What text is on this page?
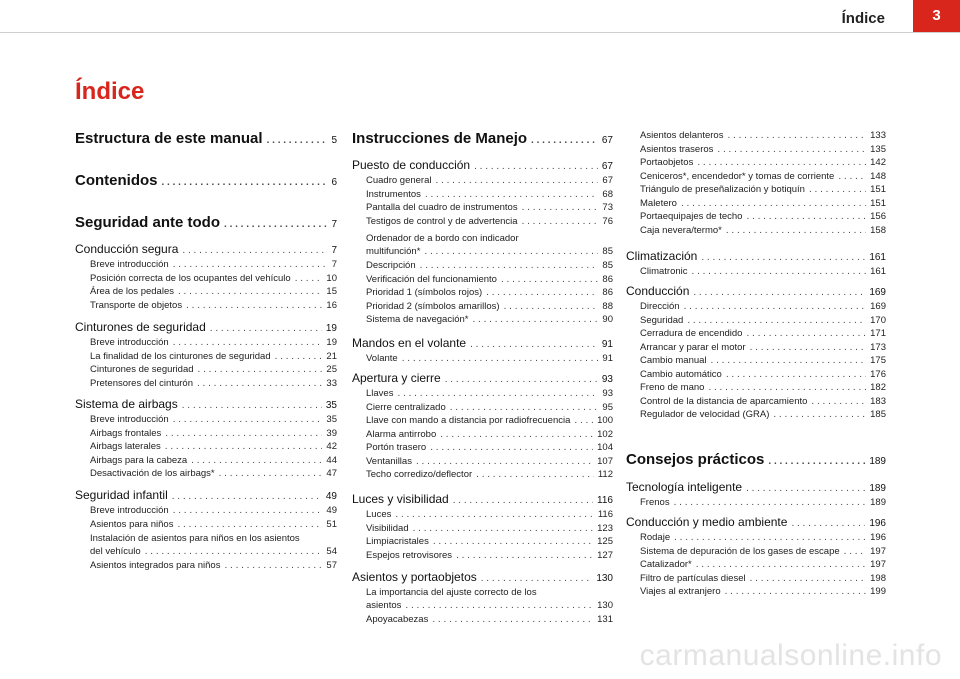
Índice	3
Índice
Estructura de este manual . . .	5
Contenidos . . .	6
Seguridad ante todo . . .	7
Conducción segura . . .	7
Breve introducción . . .	7
Posición correcta de los ocupantes del vehículo . . .	10
Área de los pedales . . .	15
Transporte de objetos . . .	16
Cinturones de seguridad . . .	19
Breve introducción . . .	19
La finalidad de los cinturones de seguridad . . .	21
Cinturones de seguridad . . .	25
Pretensores del cinturón . . .	33
Sistema de airbags . . .	35
Breve introducción . . .	35
Airbags frontales . . .	39
Airbags laterales . . .	42
Airbags para la cabeza . . .	44
Desactivación de los airbags* . . .	47
Seguridad infantil . . .	49
Breve introducción . . .	49
Asientos para niños . . .	51
Instalación de asientos para niños en los asientos
del vehículo . . .	54
Asientos integrados para niños . . .	57
Instrucciones de Manejo . . .	67
Puesto de conducción . . .	67
Cuadro general . . .	67
Instrumentos . . .	68
Pantalla del cuadro de instrumentos . . .	73
Testigos de control y de advertencia . . .	76
Ordenador de a bordo con indicador
multifunción* . . .	85
Descripción . . .	85
Verificación del funcionamiento . . .	86
Prioridad 1 (símbolos rojos) . . .	86
Prioridad 2 (símbolos amarillos) . . .	88
Sistema de navegación* . . .	90
Mandos en el volante . . .	91
Volante . . .	91
Apertura y cierre . . .	93
Llaves . . .	93
Cierre centralizado . . .	95
Llave con mando a distancia por radiofrecuencia . . .	100
Alarma antirrobo . . .	102
Portón trasero . . .	104
Ventanillas . . .	107
Techo corredizo/deflector . . .	112
Luces y visibilidad . . .	116
Luces . . .	116
Visibilidad . . .	123
Limpiacristales . . .	125
Espejos retrovisores . . .	127
Asientos y portaobjetos . . .	130
La importancia del ajuste correcto de los
asientos . . .	130
Apoyacabezas . . .	131
Asientos delanteros . . .	133
Asientos traseros . . .	135
Portaobjetos . . .	142
Ceniceros*, encendedor* y tomas de corriente . . .	148
Triángulo de preseñalización y botiquín . . .	151
Maletero . . .	151
Portaequipajes de techo . . .	156
Caja nevera/termo* . . .	158
Climatización . . .	161
Climatronic . . .	161
Conducción . . .	169
Dirección . . .	169
Seguridad . . .	170
Cerradura de encendido . . .	171
Arrancar y parar el motor . . .	173
Cambio manual . . .	175
Cambio automático . . .	176
Freno de mano . . .	182
Control de la distancia de aparcamiento . . .	183
Regulador de velocidad (GRA) . . .	185
Consejos prácticos . . .	189
Tecnología inteligente . . .	189
Frenos . . .	189
Conducción y medio ambiente . . .	196
Rodaje . . .	196
Sistema de depuración de los gases de escape . . .	197
Catalizador* . . .	197
Filtro de partículas diesel . . .	198
Viajes al extranjero . . .	199
carmanualsonline.info
